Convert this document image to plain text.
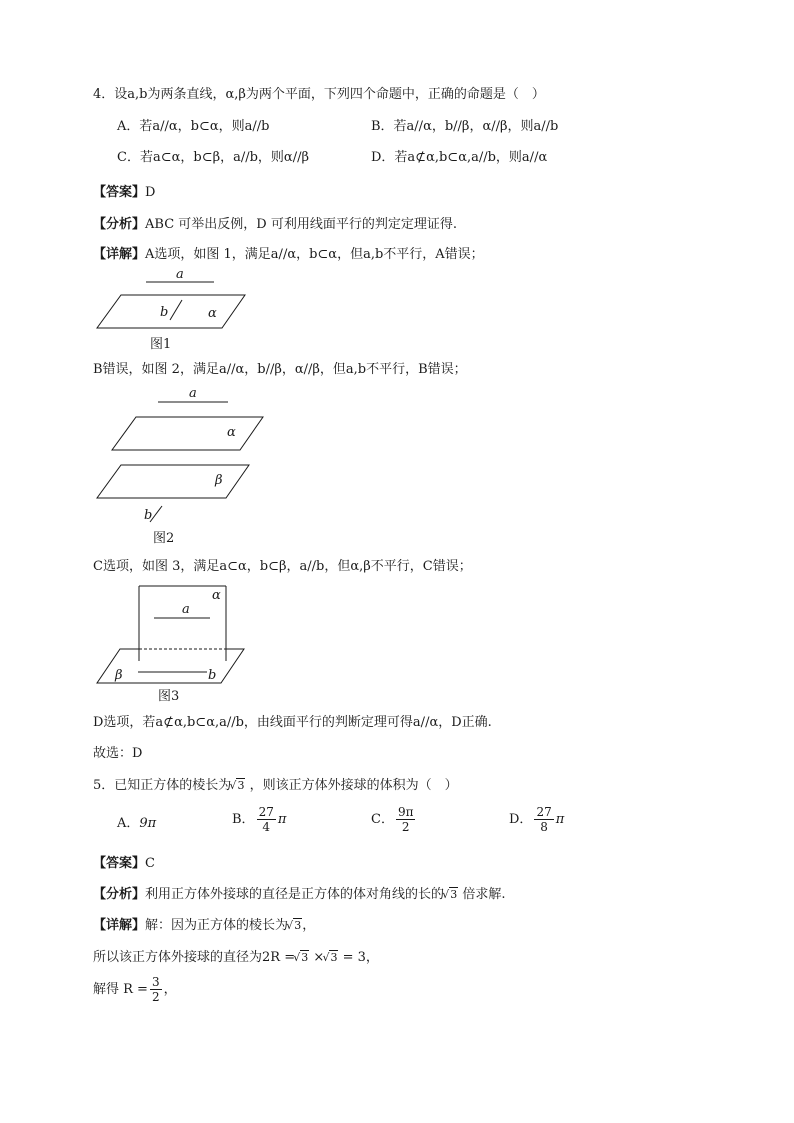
4．设a,b为两条直线，α,β为两个平面，下列四个命题中，正确的命题是（　）
A．若a//α，b⊂α，则a//b	B．若a//α，b//β，α//β，则a//b
C．若a⊂α，b⊂β，a//b，则α//β	D．若a⊄α,b⊂α,a//b，则a//α
【答案】D
【分析】ABC 可举出反例，D 可利用线面平行的判定定理证得.
【详解】A选项，如图 1，满足a//α，b⊂α，但a,b不平行，A错误；
a
b	α
图1
B错误，如图 2，满足a//α，b//β，α//β，但a,b不平行，B错误；
a
α
β
b
图2
C选项，如图 3，满足a⊂α，b⊂β，a//b，但α,β不平行，C错误；
α
a
β	b
图3
D选项，若a⊄α,b⊂α,a//b，由线面平行的判断定理可得a//α，D正确.
故选：D
5．已知正方体的棱长为 √ 3 ，则该正方体外接球的体积为（　）
A．9π	B． $\frac{27}{4}$ π	C． $\frac{9\pi}{2}$	D． $\frac{27}{8}$ π
【答案】C
【分析】利用正方体外接球的直径是正方体的体对角线的长的 √ 3 倍求解.
【详解】解：因为正方体的棱长为 √ 3，
所以该正方体外接球的直径为2R = √ 3 × √ 3 = 3，
解得 $R = \frac{3}{2}$ ，
